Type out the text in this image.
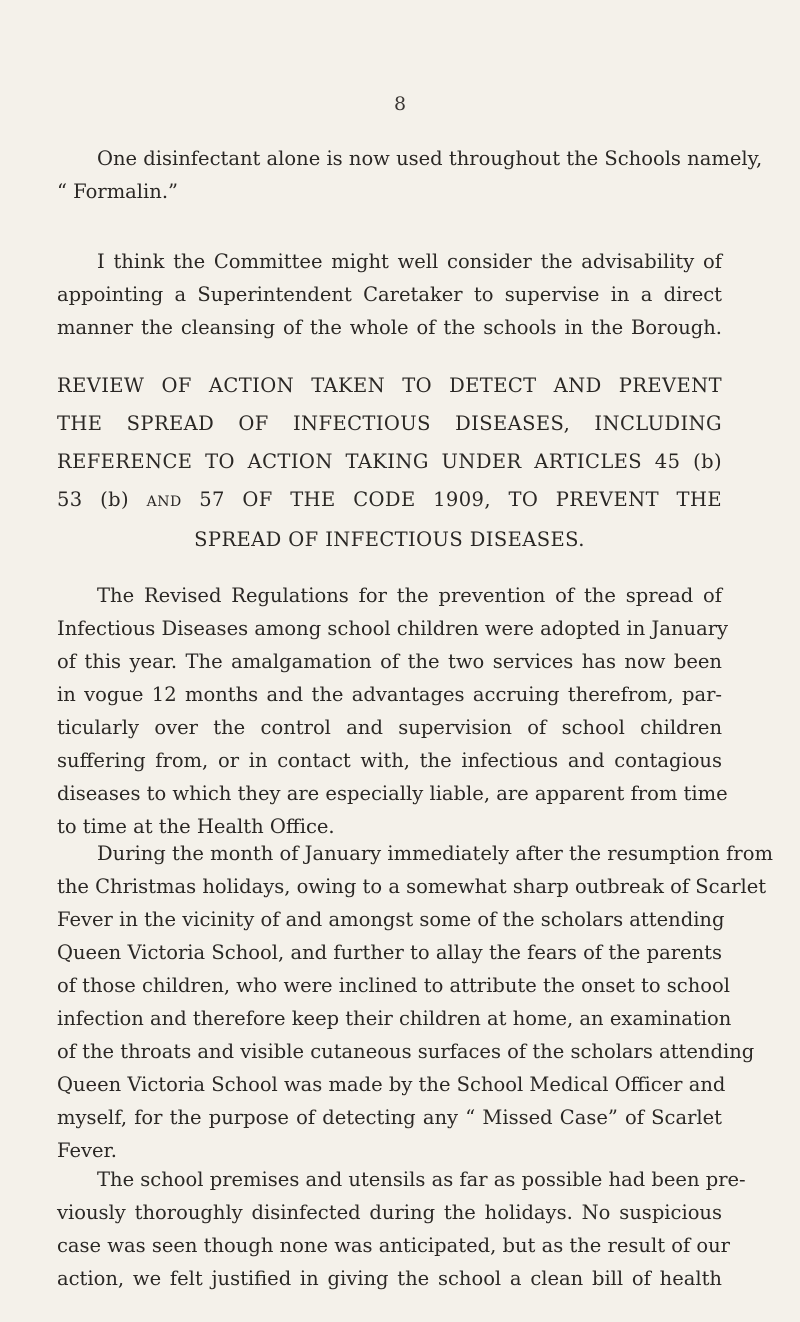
8

One disinfectant alone is now used throughout the Schools namely,
“ Formalin.”

I think the Committee might well consider the advisability of
appointing a Superintendent Caretaker to supervise in a direct
manner the cleansing of the whole of the schools in the Borough.

REVIEW OF ACTION TAKEN TO DETECT AND PREVENT
THE SPREAD OF INFECTIOUS DISEASES, INCLUDING
REFERENCE TO ACTION TAKING UNDER ARTICLES 45 (b)
53 (b) AND 57 OF THE CODE 1909, TO PREVENT THE
SPREAD OF INFECTIOUS DISEASES.

The Revised Regulations for the prevention of the spread of
Infectious Diseases among school children were adopted in January
of this year. The amalgamation of the two services has now been
in vogue 12 months and the advantages accruing therefrom, par-
ticularly over the control and supervision of school children
suffering from, or in contact with, the infectious and contagious
diseases to which they are especially liable, are apparent from time
to time at the Health Office.

During the month of January immediately after the resumption from
the Christmas holidays, owing to a somewhat sharp outbreak of Scarlet
Fever in the vicinity of and amongst some of the scholars attending
Queen Victoria School, and further to allay the fears of the parents
of those children, who were inclined to attribute the onset to school
infection and therefore keep their children at home, an examination
of the throats and visible cutaneous surfaces of the scholars attending
Queen Victoria School was made by the School Medical Officer and
myself, for the purpose of detecting any “ Missed Case” of Scarlet
Fever.

The school premises and utensils as far as possible had been pre-
viously thoroughly disinfected during the holidays. No suspicious
case was seen though none was anticipated, but as the result of our
action, we felt justified in giving the school a clean bill of health
